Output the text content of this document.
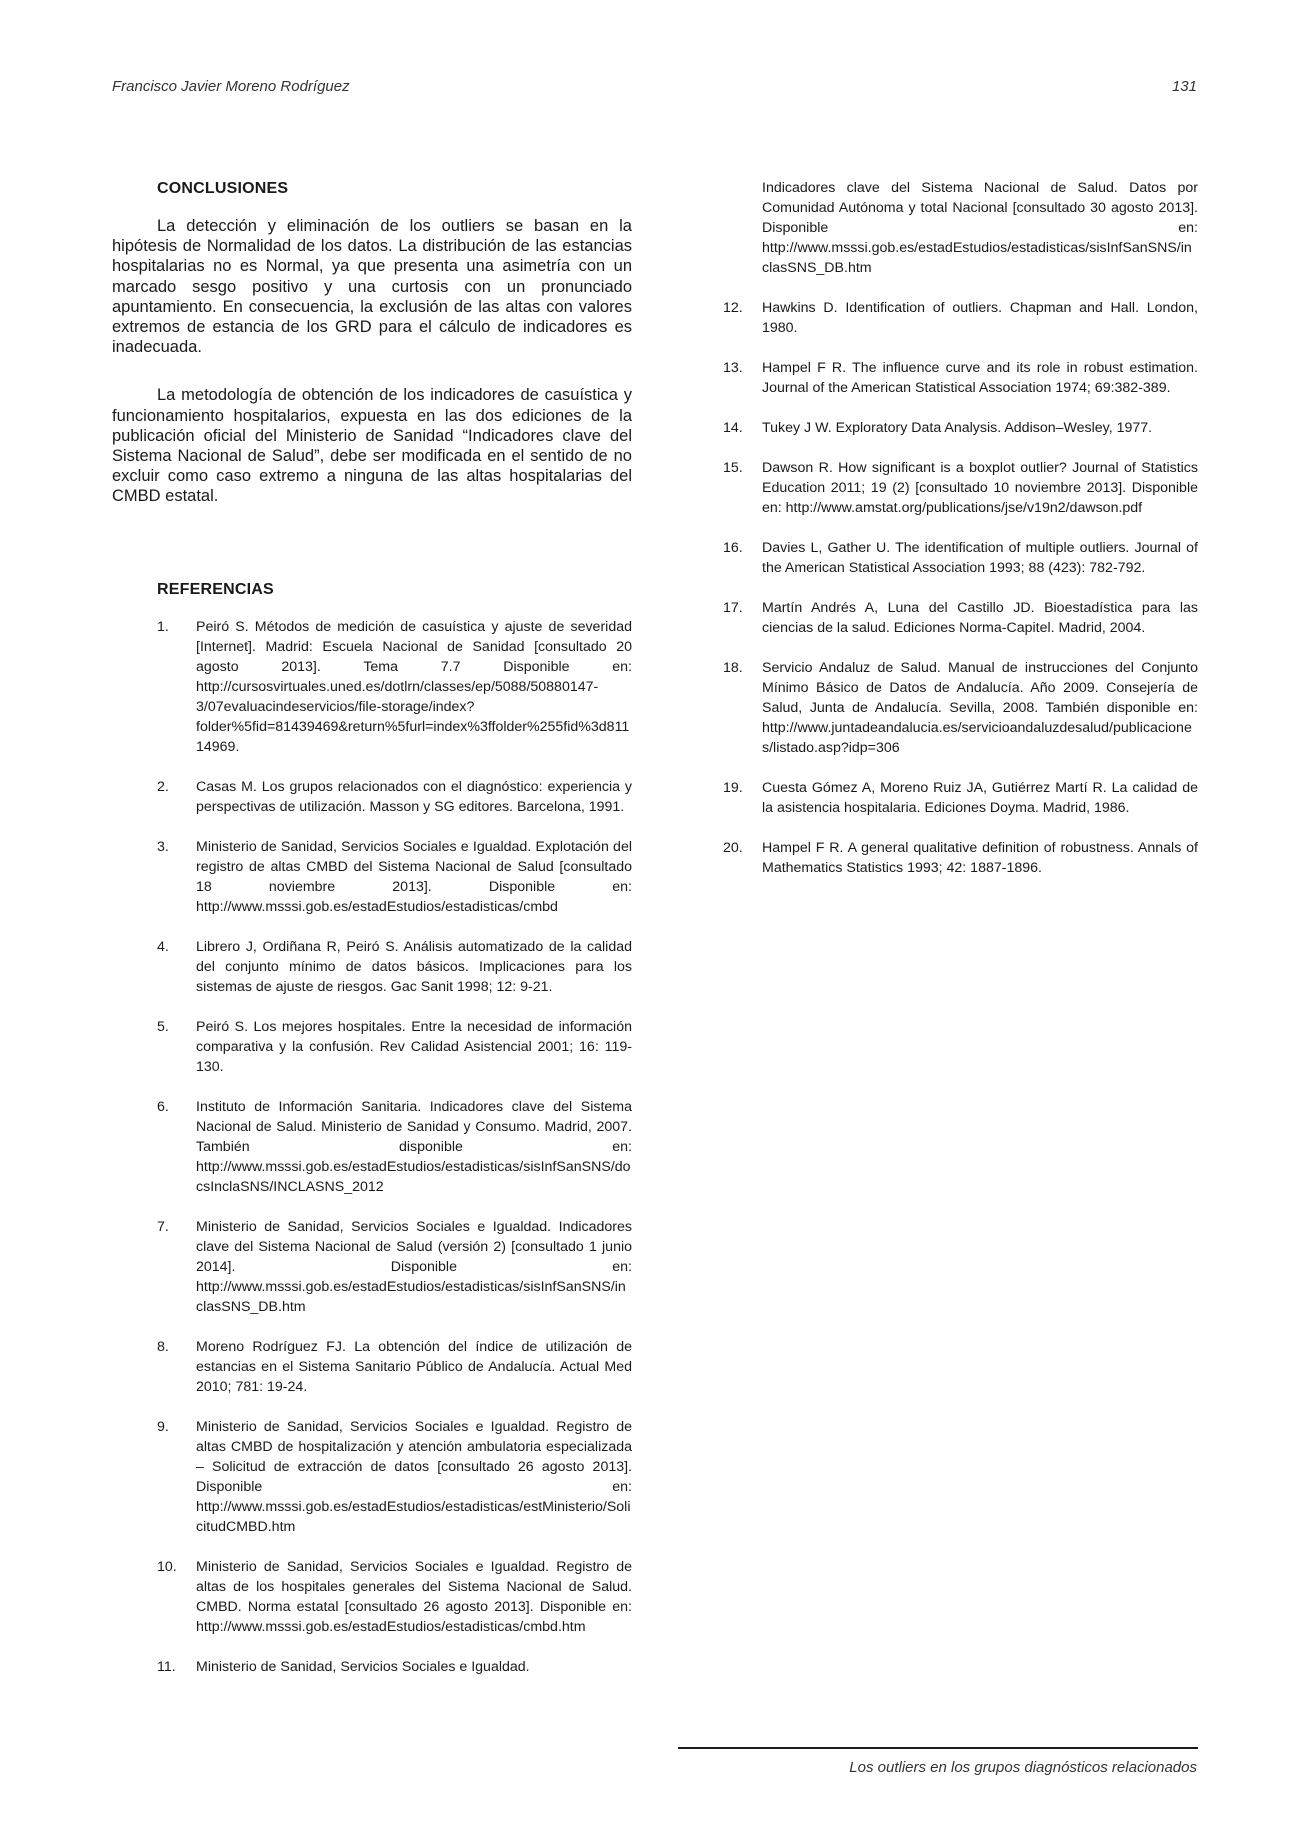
Francisco Javier Moreno Rodríguez	131
CONCLUSIONES

La detección y eliminación de los outliers se basan en la hipótesis de Normalidad de los datos. La distribución de las estancias hospitalarias no es Normal, ya que presenta una asimetría con un marcado sesgo positivo y una curtosis con un pronunciado apuntamiento. En consecuencia, la exclusión de las altas con valores extremos de estancia de los GRD para el cálculo de indicadores es inadecuada.

La metodología de obtención de los indicadores de casuística y funcionamiento hospitalarios, expuesta en las dos ediciones de la publicación oficial del Ministerio de Sanidad “Indicadores clave del Sistema Nacional de Salud”, debe ser modificada en el sentido de no excluir como caso extremo a ninguna de las altas hospitalarias del CMBD estatal.

REFERENCIAS
1. Peiró S. Métodos de medición de casuística y ajuste de severidad [Internet]. Madrid: Escuela Nacional de Sanidad [consultado 20 agosto 2013]. Tema 7.7 Disponible en: http://cursosvirtuales.uned.es/dotlrn/classes/ep/5088/50880147-3/07evaluacindeservicios/file-storage/index?folder%5fid=81439469&return%5furl=index%3ffolder%255fid%3d81114969.
2. Casas M. Los grupos relacionados con el diagnóstico: experiencia y perspectivas de utilización. Masson y SG editores. Barcelona, 1991.
3. Ministerio de Sanidad, Servicios Sociales e Igualdad. Explotación del registro de altas CMBD del Sistema Nacional de Salud [consultado 18 noviembre 2013]. Disponible en: http://www.msssi.gob.es/estadEstudios/estadisticas/cmbd
4. Librero J, Ordiñana R, Peiró S. Análisis automatizado de la calidad del conjunto mínimo de datos básicos. Implicaciones para los sistemas de ajuste de riesgos. Gac Sanit 1998; 12: 9-21.
5. Peiró S. Los mejores hospitales. Entre la necesidad de información comparativa y la confusión. Rev Calidad Asistencial 2001; 16: 119-130.
6. Instituto de Información Sanitaria. Indicadores clave del Sistema Nacional de Salud. Ministerio de Sanidad y Consumo. Madrid, 2007. También disponible en: http://www.msssi.gob.es/estadEstudios/estadisticas/sisInfSanSNS/docsInclaSNS/INCLASNS_2012
7. Ministerio de Sanidad, Servicios Sociales e Igualdad. Indicadores clave del Sistema Nacional de Salud (versión 2) [consultado 1 junio 2014]. Disponible en: http://www.msssi.gob.es/estadEstudios/estadisticas/sisInfSanSNS/inclasSNS_DB.htm
8. Moreno Rodríguez FJ. La obtención del índice de utilización de estancias en el Sistema Sanitario Público de Andalucía. Actual Med 2010; 781: 19-24.
9. Ministerio de Sanidad, Servicios Sociales e Igualdad. Registro de altas CMBD de hospitalización y atención ambulatoria especializada – Solicitud de extracción de datos [consultado 26 agosto 2013]. Disponible en: http://www.msssi.gob.es/estadEstudios/estadisticas/estMinisterio/SolicitudCMBD.htm
10. Ministerio de Sanidad, Servicios Sociales e Igualdad. Registro de altas de los hospitales generales del Sistema Nacional de Salud. CMBD. Norma estatal [consultado 26 agosto 2013]. Disponible en: http://www.msssi.gob.es/estadEstudios/estadisticas/cmbd.htm
11. Ministerio de Sanidad, Servicios Sociales e Igualdad.
Indicadores clave del Sistema Nacional de Salud. Datos por Comunidad Autónoma y total Nacional [consultado 30 agosto 2013]. Disponible en: http://www.msssi.gob.es/estadEstudios/estadisticas/sisInfSanSNS/inclasSNS_DB.htm
12. Hawkins D. Identification of outliers. Chapman and Hall. London, 1980.
13. Hampel F R. The influence curve and its role in robust estimation. Journal of the American Statistical Association 1974; 69:382-389.
14. Tukey J W. Exploratory Data Analysis. Addison–Wesley, 1977.
15. Dawson R. How significant is a boxplot outlier? Journal of Statistics Education 2011; 19 (2) [consultado 10 noviembre 2013]. Disponible en: http://www.amstat.org/publications/jse/v19n2/dawson.pdf
16. Davies L, Gather U. The identification of multiple outliers. Journal of the American Statistical Association 1993; 88 (423): 782-792.
17. Martín Andrés A, Luna del Castillo JD. Bioestadística para las ciencias de la salud. Ediciones Norma-Capitel. Madrid, 2004.
18. Servicio Andaluz de Salud. Manual de instrucciones del Conjunto Mínimo Básico de Datos de Andalucía. Año 2009. Consejería de Salud, Junta de Andalucía. Sevilla, 2008. También disponible en: http://www.juntadeandalucia.es/servicioandaluzdesalud/publicaciones/listado.asp?idp=306
19. Cuesta Gómez A, Moreno Ruiz JA, Gutiérrez Martí R. La calidad de la asistencia hospitalaria. Ediciones Doyma. Madrid, 1986.
20. Hampel F R. A general qualitative definition of robustness. Annals of Mathematics Statistics 1993; 42: 1887-1896.
Los outliers en los grupos diagnósticos relacionados
